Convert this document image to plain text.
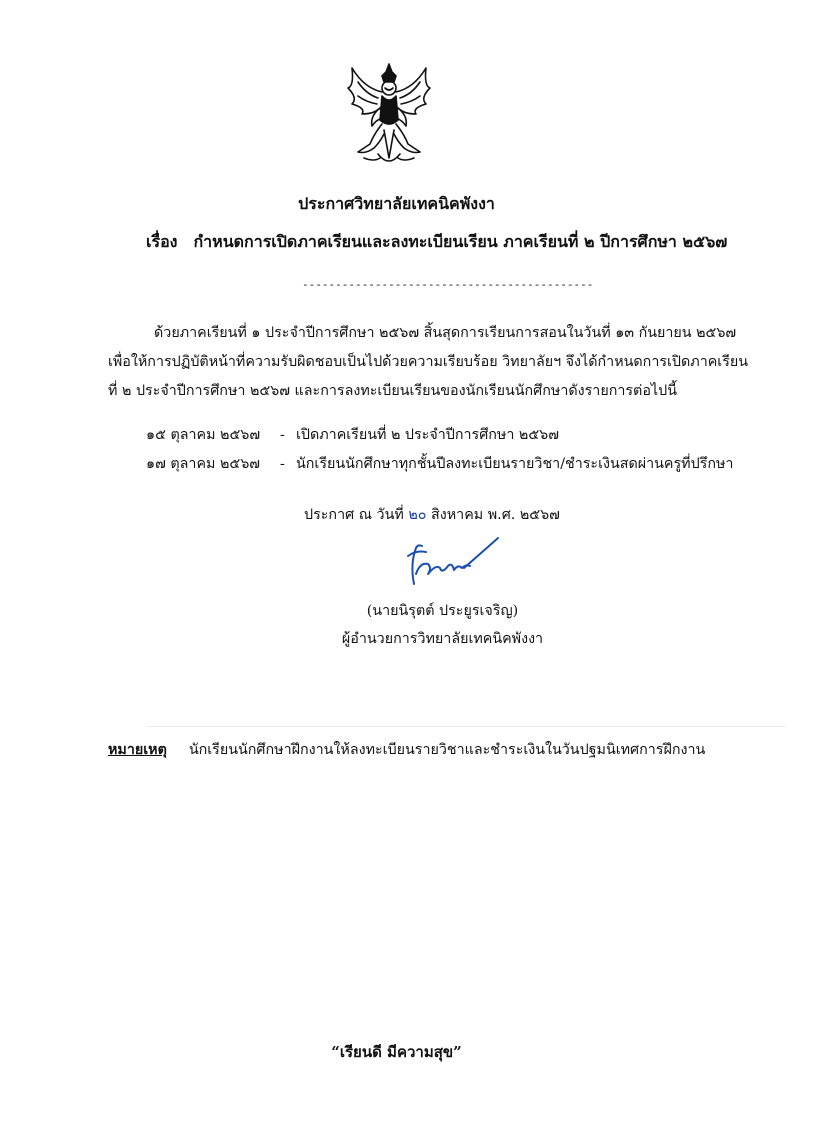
ประกาศวิทยาลัยเทคนิคพังงา
เรื่อง กำหนดการเปิดภาคเรียนและลงทะเบียนเรียน ภาคเรียนที่ ๒ ปีการศึกษา ๒๕๖๗
--------------------------------------------
ด้วยภาคเรียนที่ ๑ ประจำปีการศึกษา ๒๕๖๗ สิ้นสุดการเรียนการสอนในวันที่ ๑๓ กันยายน ๒๕๖๗
เพื่อให้การปฏิบัติหน้าที่ความรับผิดชอบเป็นไปด้วยความเรียบร้อย วิทยาลัยฯ จึงได้กำหนดการเปิดภาคเรียน
ที่ ๒ ประจำปีการศึกษา ๒๕๖๗ และการลงทะเบียนเรียนของนักเรียนนักศึกษาดังรายการต่อไปนี้
๑๕ ตุลาคม ๒๕๖๗ - เปิดภาคเรียนที่ ๒ ประจำปีการศึกษา ๒๕๖๗
๑๗ ตุลาคม ๒๕๖๗ - นักเรียนนักศึกษาทุกชั้นปีลงทะเบียนรายวิชา/ชำระเงินสดผ่านครูที่ปรึกษา
ประกาศ ณ วันที่ ๒๐ สิงหาคม พ.ศ. ๒๕๖๗
(นายนิรุตต์ ประยูรเจริญ)
ผู้อำนวยการวิทยาลัยเทคนิคพังงา
หมายเหตุ นักเรียนนักศึกษาฝึกงานให้ลงทะเบียนรายวิชาและชำระเงินในวันปฐมนิเทศการฝึกงาน
“เรียนดี มีความสุข”
